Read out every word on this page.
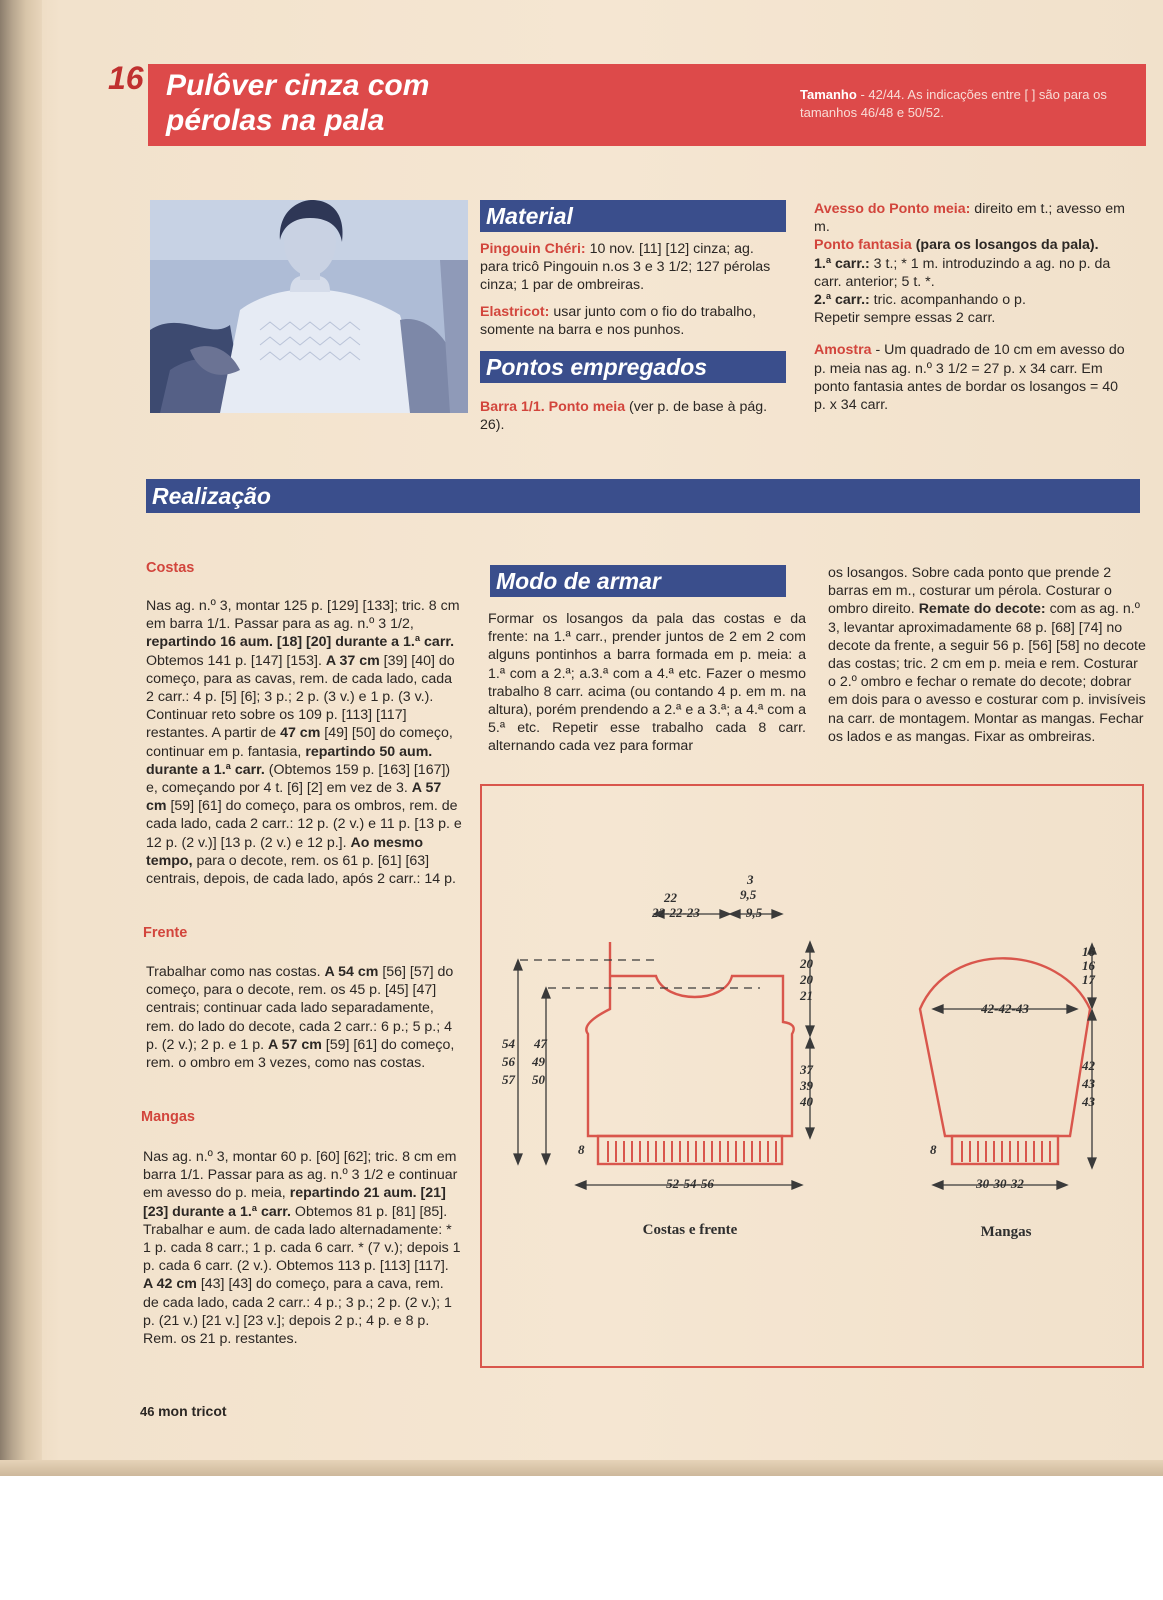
16 Pulôver cinza com pérolas na pala
Tamanho - 42/44. As indicações entre [ ] são para os tamanhos 46/48 e 50/52.
Material

Pingouin Chéri: 10 nov. [11] [12] cinza; ag. para tricô Pingouin n.os 3 e 3 1/2; 127 pérolas cinza; 1 par de ombreiras.

Elastricot: usar junto com o fio do trabalho, somente na barra e nos punhos.

Pontos empregados

Barra 1/1. Ponto meia (ver p. de base à pág. 26).

Avesso do Ponto meia: direito em t.; avesso em m.

Ponto fantasia (para os losangos da pala).

1.ª carr.: 3 t.; * 1 m. introduzindo a ag. no p. da carr. anterior; 5 t. *.

2.ª carr.: tric. acompanhando o p.

Repetir sempre essas 2 carr.

Amostra - Um quadrado de 10 cm em avesso do p. meia nas ag. n.º 3 1/2 = 27 p. x 34 carr. Em ponto fantasia antes de bordar os losangos = 40 p. x 34 carr.

Realização
Costas

Nas ag. n.º 3, montar 125 p. [129] [133]; tric. 8 cm em barra 1/1. Passar para as ag. n.º 3 1/2, repartindo 16 aum. [18] [20] durante a 1.ª carr. Obtemos 141 p. [147] [153]. A 37 cm [39] [40] do começo, para as cavas, rem. de cada lado, cada 2 carr.: 4 p. [5] [6]; 3 p.; 2 p. (3 v.) e 1 p. (3 v.). Continuar reto sobre os 109 p. [113] [117] restantes. A partir de 47 cm [49] [50] do começo, continuar em p. fantasia, repartindo 50 aum. durante a 1.ª carr. (Obtemos 159 p. [163] [167]) e, começando por 4 t. [6] [2] em vez de 3. A 57 cm [59] [61] do começo, para os ombros, rem. de cada lado, cada 2 carr.: 12 p. (2 v.) e 11 p. [13 p. e 12 p. (2 v.)] [13 p. (2 v.) e 12 p.]. Ao mesmo tempo, para o decote, rem. os 61 p. [61] [63] centrais, depois, de cada lado, após 2 carr.: 14 p.

Frente

Trabalhar como nas costas. A 54 cm [56] [57] do começo, para o decote, rem. os 45 p. [45] [47] centrais; continuar cada lado separadamente, rem. do lado do decote, cada 2 carr.: 6 p.; 5 p.; 4 p. (2 v.); 2 p. e 1 p. A 57 cm [59] [61] do começo, rem. o ombro em 3 vezes, como nas costas.

Mangas

Nas ag. n.º 3, montar 60 p. [60] [62]; tric. 8 cm em barra 1/1. Passar para as ag. n.º 3 1/2 e continuar em avesso do p. meia, repartindo 21 aum. [21] [23] durante a 1.ª carr. Obtemos 81 p. [81] [85]. Trabalhar e aum. de cada lado alternadamente: * 1 p. cada 8 carr.; 1 p. cada 6 carr. * (7 v.); depois 1 p. cada 6 carr. (2 v.). Obtemos 113 p. [113] [117]. A 42 cm [43] [43] do começo, para a cava, rem. de cada lado, cada 2 carr.: 4 p.; 3 p.; 2 p. (2 v.); 1 p. (21 v.) [21 v.] [23 v.]; depois 2 p.; 4 p. e 8 p. Rem. os 21 p. restantes.

Modo de armar
Formar os losangos da pala das costas e da frente: na 1.ª carr., prender juntos de 2 em 2 com alguns pontinhos a barra formada em p. meia: a 1.ª com a 2.ª; a.3.ª com a 4.ª etc. Fazer o mesmo trabalho 8 carr. acima (ou contando 4 p. em m. na altura), porém prendendo a 2.ª e a 3.ª; a 4.ª com a 5.ª etc. Repetir esse trabalho cada 8 carr. alternando cada vez para formar

os losangos. Sobre cada ponto que prende 2 barras em m., costurar um pérola. Costurar o ombro direito. Remate do decote: com as ag. n.º 3, levantar aproximadamente 68 p. [68] [74] no decote da frente, a seguir 56 p. [56] [58] no decote das costas; tric. 2 cm em p. meia e rem. Costurar o 2.º ombro e fechar o remate do decote; dobrar em dois para o avesso e costurar com p. invisíveis na carr. de montagem. Montar as mangas. Fechar os lados e as mangas. Fixar as ombreiras.

22
22-22-23
3
9,5
9,5
20
20
21
37
39
40
54
56
57
47
49
50
8
52-54-56
16
16
17
42-42-43
42
43
43
8
30-30-32
Costas e frente	Mangas
46 mon tricot
